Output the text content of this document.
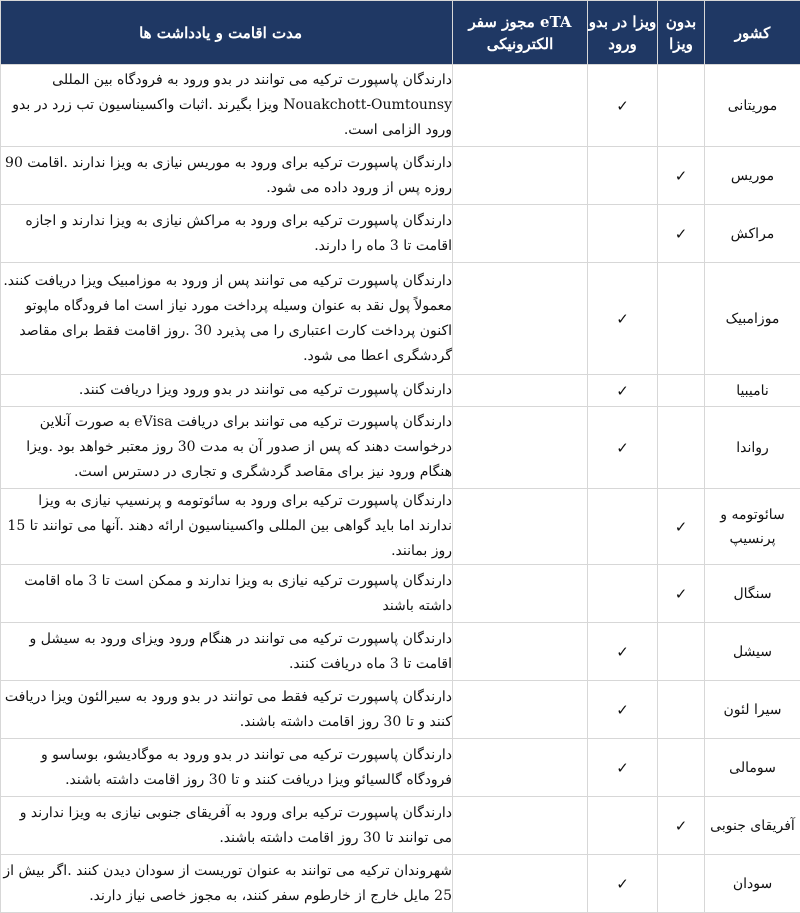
کشور	بدون ویزا	ویزا در بدو ورود	eTA مجوز سفر الکترونیکی	مدت اقامت و یادداشت ها
موریتانی		✓		دارندگان پاسپورت ترکیه می توانند در بدو ورود به فرودگاه بین المللی Nouakchott-Oumtounsy ویزا بگیرند .اثبات واکسیناسیون تب زرد در بدو ورود الزامی است.
موریس	✓			دارندگان پاسپورت ترکیه برای ورود به موریس نیازی به ویزا ندارند .اقامت 90 روزه پس از ورود داده می شود.
مراکش	✓			دارندگان پاسپورت ترکیه برای ورود به مراکش نیازی به ویزا ندارند و اجازه اقامت تا 3 ماه را دارند.
موزامبیک		✓		دارندگان پاسپورت ترکیه می توانند پس از ورود به موزامبیک ویزا دریافت کنند. معمولاً پول نقد به عنوان وسیله پرداخت مورد نیاز است اما فرودگاه ماپوتو اکنون پرداخت کارت اعتباری را می پذیرد 30 .روز اقامت فقط برای مقاصد گردشگری اعطا می شود.
نامیبیا		✓		دارندگان پاسپورت ترکیه می توانند در بدو ورود ویزا دریافت کنند.
رواندا		✓		دارندگان پاسپورت ترکیه می توانند برای دریافت eVisa به صورت آنلاین درخواست دهند که پس از صدور آن به مدت 30 روز معتبر خواهد بود .ویزا هنگام ورود نیز برای مقاصد گردشگری و تجاری در دسترس است.
سائوتومه و پرنسیپ	✓			دارندگان پاسپورت ترکیه برای ورود به سائوتومه و پرنسیپ نیازی به ویزا ندارند اما باید گواهی بین المللی واکسیناسیون ارائه دهند .آنها می توانند تا 15 روز بمانند.
سنگال	✓			دارندگان پاسپورت ترکیه نیازی به ویزا ندارند و ممکن است تا 3 ماه اقامت داشته باشند
سیشل		✓		دارندگان پاسپورت ترکیه می توانند در هنگام ورود ویزای ورود به سیشل و اقامت تا 3 ماه دریافت کنند.
سیرا لئون		✓		دارندگان پاسپورت ترکیه فقط می توانند در بدو ورود به سیرالئون ویزا دریافت کنند و تا 30 روز اقامت داشته باشند.
سومالی		✓		دارندگان پاسپورت ترکیه می توانند در بدو ورود به موگادیشو، بوساسو و فرودگاه گالسیائو ویزا دریافت کنند و تا 30 روز اقامت داشته باشند.
آفریقای جنوبی	✓			دارندگان پاسپورت ترکیه برای ورود به آفریقای جنوبی نیازی به ویزا ندارند و می توانند تا 30 روز اقامت داشته باشند.
سودان		✓		شهروندان ترکیه می توانند به عنوان توریست از سودان دیدن کنند .اگر بیش از 25 مایل خارج از خارطوم سفر کنند، به مجوز خاصی نیاز دارند.
